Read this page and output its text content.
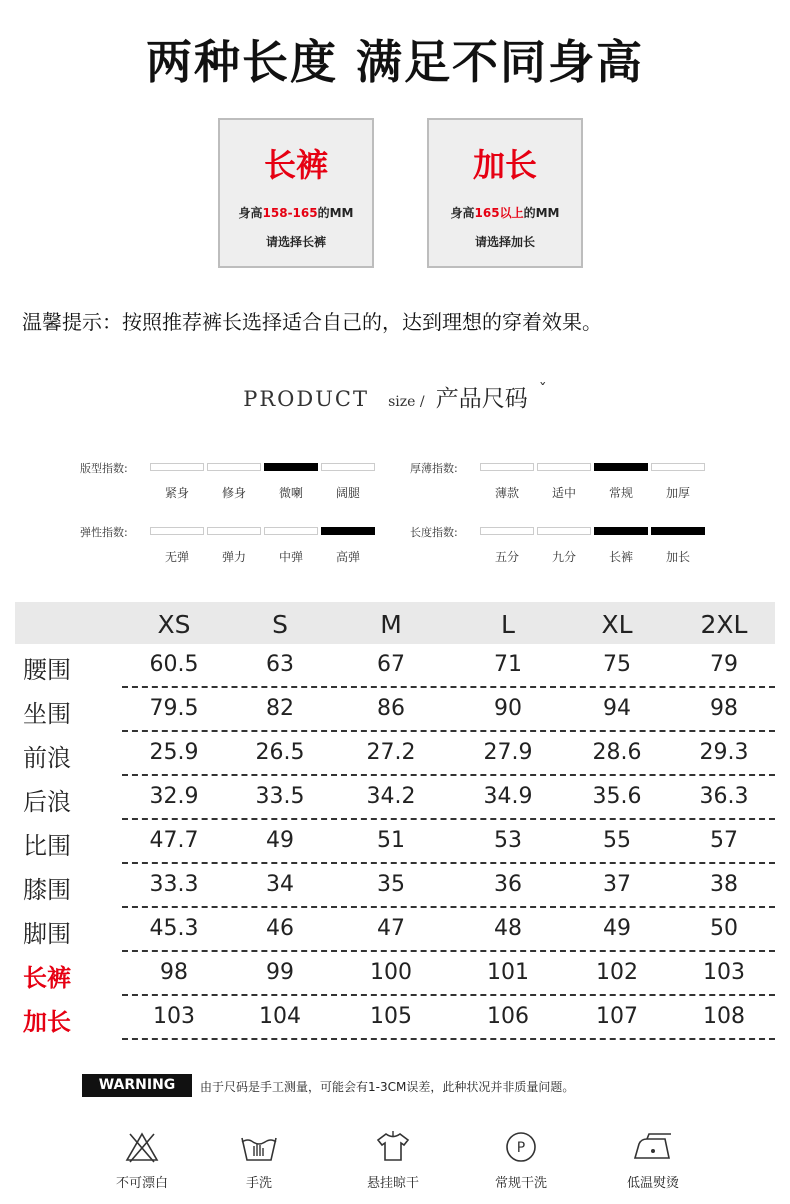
两种长度 满足不同身高
长裤
身高158-165的MM
请选择长裤
加长
身高165以上的MM
请选择加长
温馨提示：按照推荐裤长选择适合自己的，达到理想的穿着效果。
PRODUCT size / 产品尺码 ˇ
版型指数:
紧身	修身	微喇	阔腿
厚薄指数:
薄款	适中	常规	加厚
弹性指数:
无弹	弹力	中弹	高弹
长度指数:
五分	九分	长裤	加长
XS	S	M	L	XL	2XL
腰围	60.5	63	67	71	75	79
坐围	79.5	82	86	90	94	98
前浪	25.9	26.5	27.2	27.9	28.6	29.3
后浪	32.9	33.5	34.2	34.9	35.6	36.3
比围	47.7	49	51	53	55	57
膝围	33.3	34	35	36	37	38
脚围	45.3	46	47	48	49	50
长裤	98	99	100	101	102	103
加长	103	104	105	106	107	108
WARNING	由于尺码是手工测量，可能会有1-3CM误差，此种状况并非质量问题。
不可漂白	手洗	悬挂晾干
P
常规干洗	低温熨烫
